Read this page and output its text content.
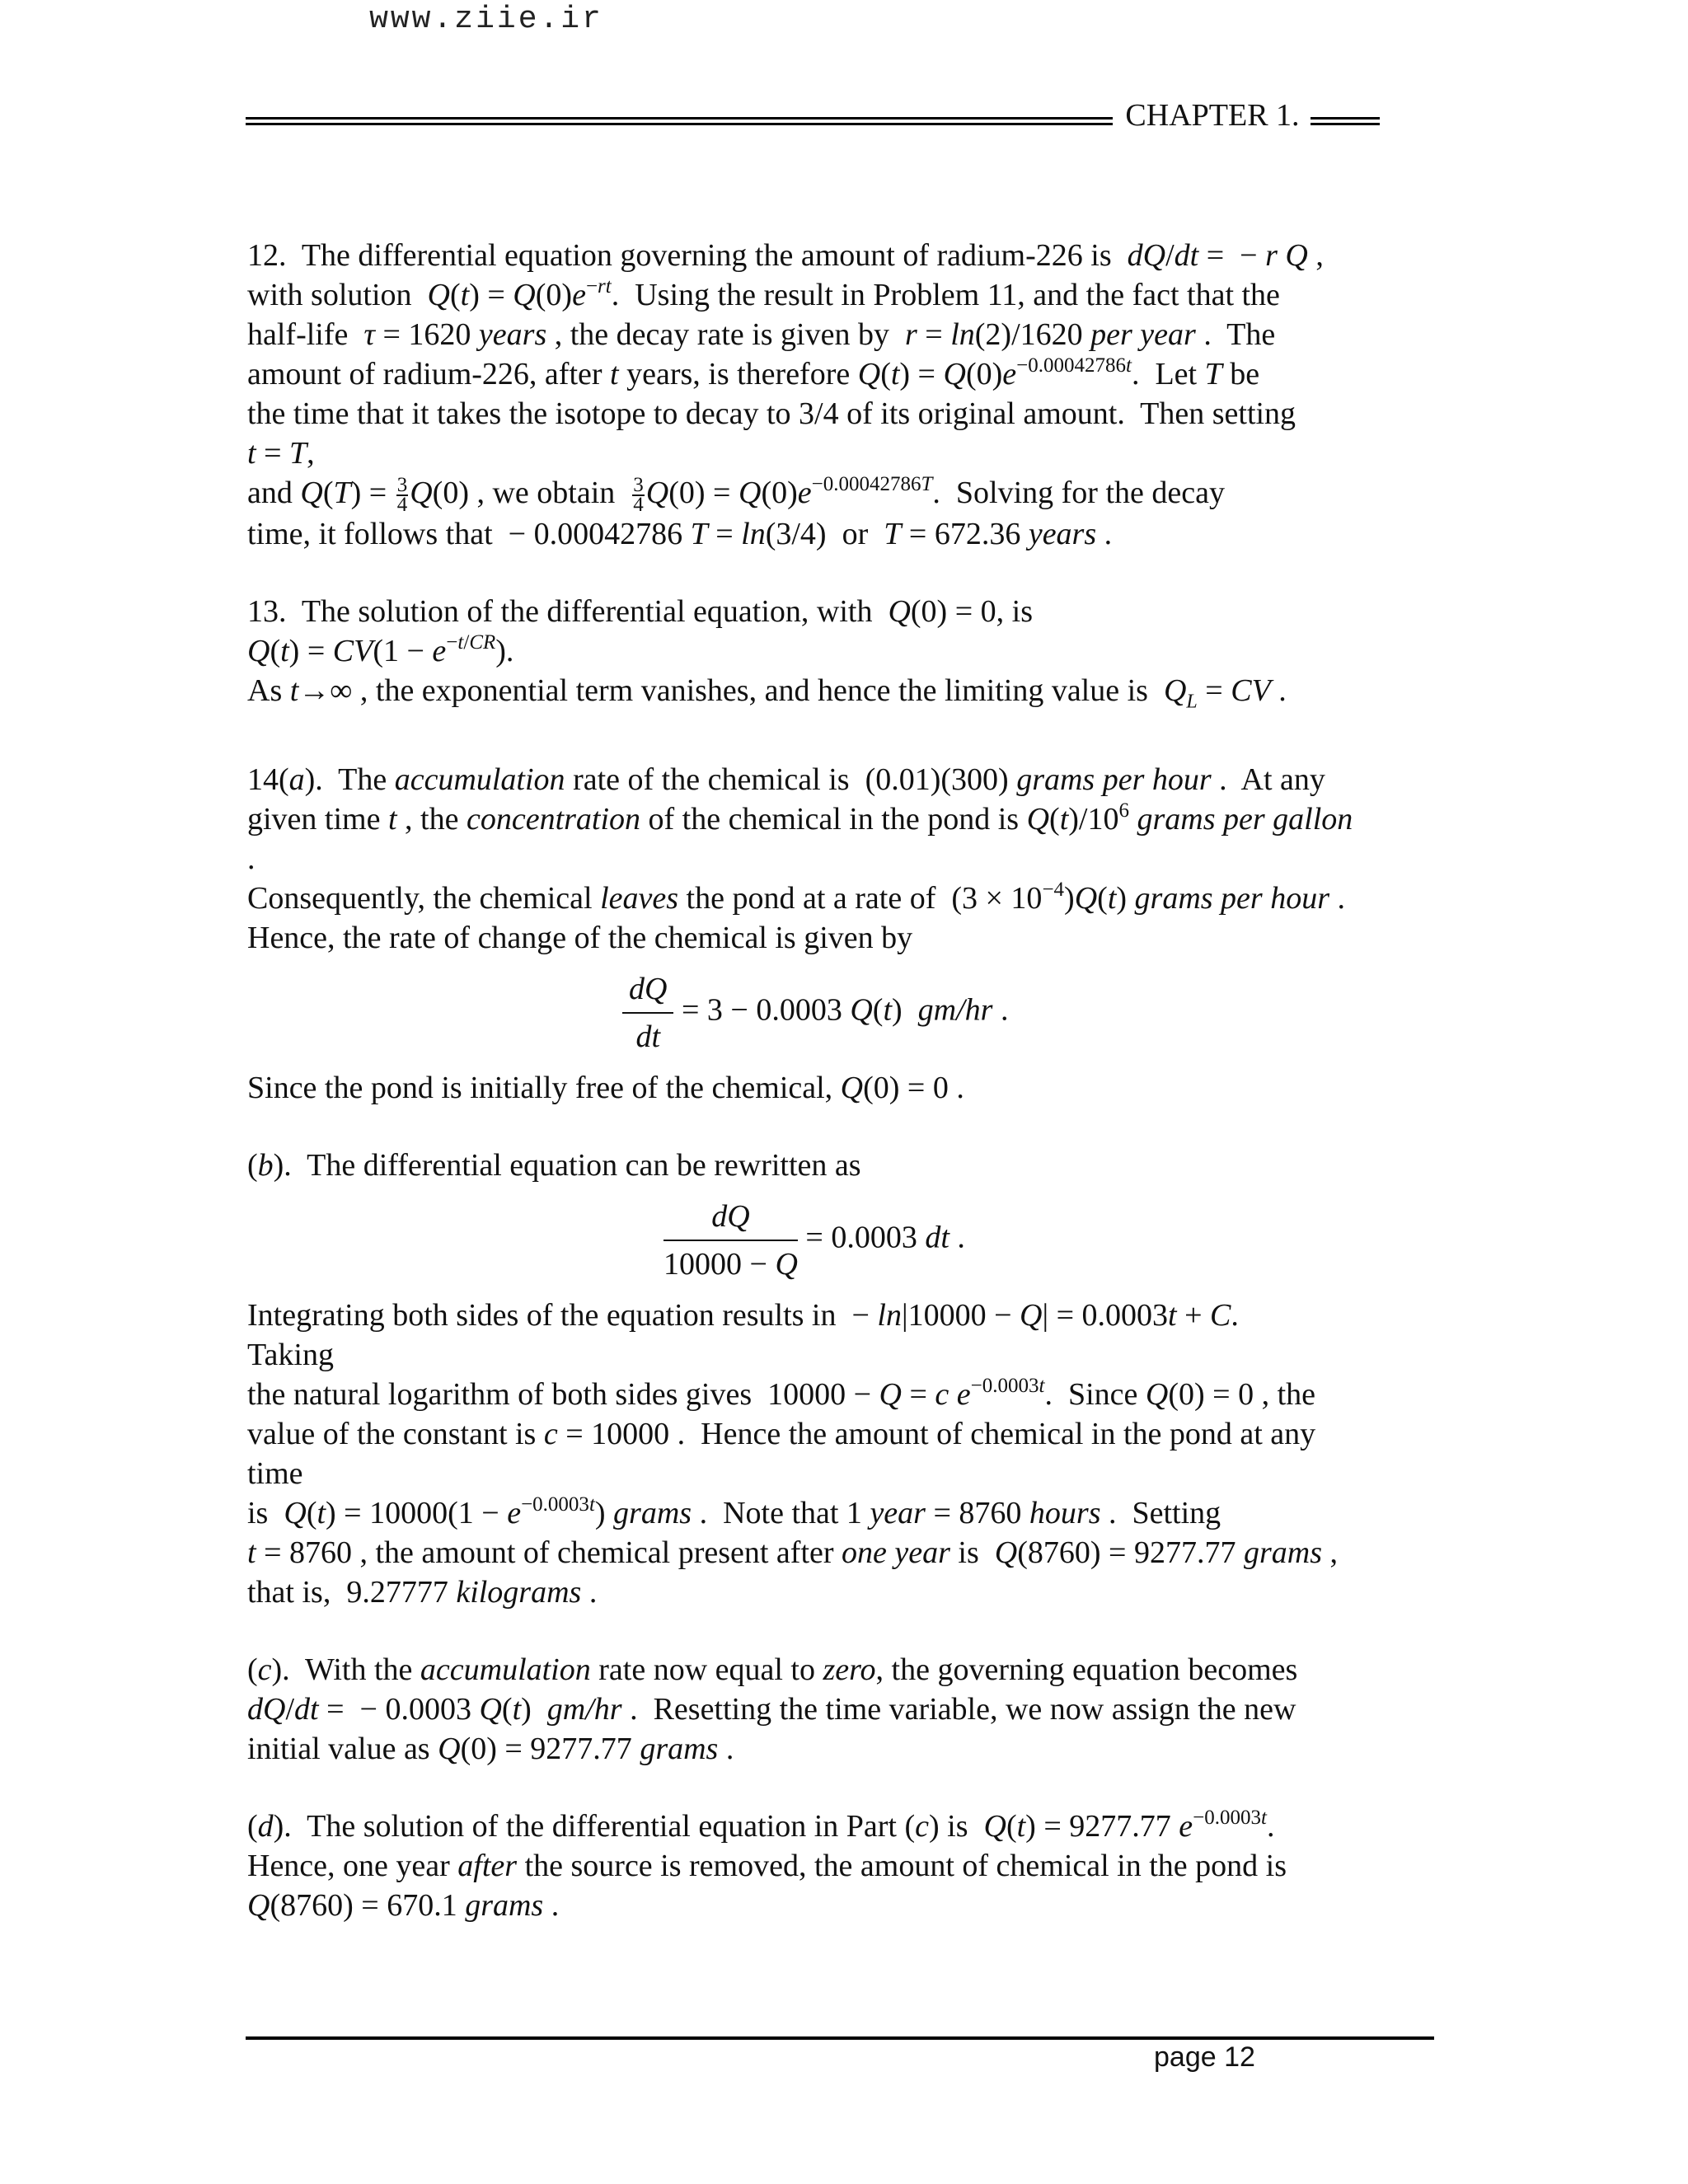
www.ziie.ir
CHAPTER 1.

12.  The differential equation governing the amount of radium-226 is  dQ/dt =  − r Q ,

with solution  $Q(t) = Q(0)e^{-rt}$.  Using the result in Problem 11, and the fact that the

half-life  τ = 1620 years , the decay rate is given by  r = ln(2)/1620 per year .  The

amount of radium-226, after t years, is therefore $Q(t) = Q(0)e^{-0.00042786t}$.  Let T be

the time that it takes the isotope to decay to 3/4 of its original amount.  Then setting

t = T,

and $Q(T) = \frac{3}{4} Q(0)$ , we obtain $\frac{3}{4} Q(0) = Q(0)e^{-0.00042786T}$.  Solving for the decay

time, it follows that  − 0.00042786 T = ln(3/4)  or  T = 672.36 years .

13.  The solution of the differential equation, with  Q(0) = 0, is

$Q(t) = CV(1 - e^{-t/CR})$.

As t→∞ , the exponential term vanishes, and hence the limiting value is  $Q_L$ = CV .

14(a).  The accumulation rate of the chemical is  (0.01)(300) grams per hour .  At any

given time t , the concentration of the chemical in the pond is $Q(t)/10^6$ grams per gallon

.

Consequently, the chemical leaves the pond at a rate of  $(3 \times 10^{-4})Q(t)$ grams per hour .

Hence, the rate of change of the chemical is given by

$\frac{dQ}{dt} = 3 - 0.0003$ Q(t)  gm/hr .

Since the pond is initially free of the chemical, Q(0) = 0 .

(b).  The differential equation can be rewritten as

$\frac{dQ}{10000 - Q} = 0.0003$ dt .

Integrating both sides of the equation results in  − ln|10000 − Q| = 0.0003t + C.

Taking

the natural logarithm of both sides gives  10000 − Q = c $e^{-0.0003t}$.  Since Q(0) = 0 , the

value of the constant is c = 10000 .  Hence the amount of chemical in the pond at any

time

is  $Q(t) = 10000(1 - e^{-0.0003t})$ grams .  Note that 1 year = 8760 hours .  Setting

t = 8760 , the amount of chemical present after one year is  Q(8760) = 9277.77 grams ,

that is,  9.27777 kilograms .

(c).  With the accumulation rate now equal to zero, the governing equation becomes

dQ/dt =  − 0.0003 Q(t)  gm/hr .  Resetting the time variable, we now assign the new

initial value as Q(0) = 9277.77 grams .

(d).  The solution of the differential equation in Part (c) is  Q(t) = 9277.77 $e^{-0.0003t}$.

Hence, one year after the source is removed, the amount of chemical in the pond is

Q(8760) = 670.1 grams .

page 12
